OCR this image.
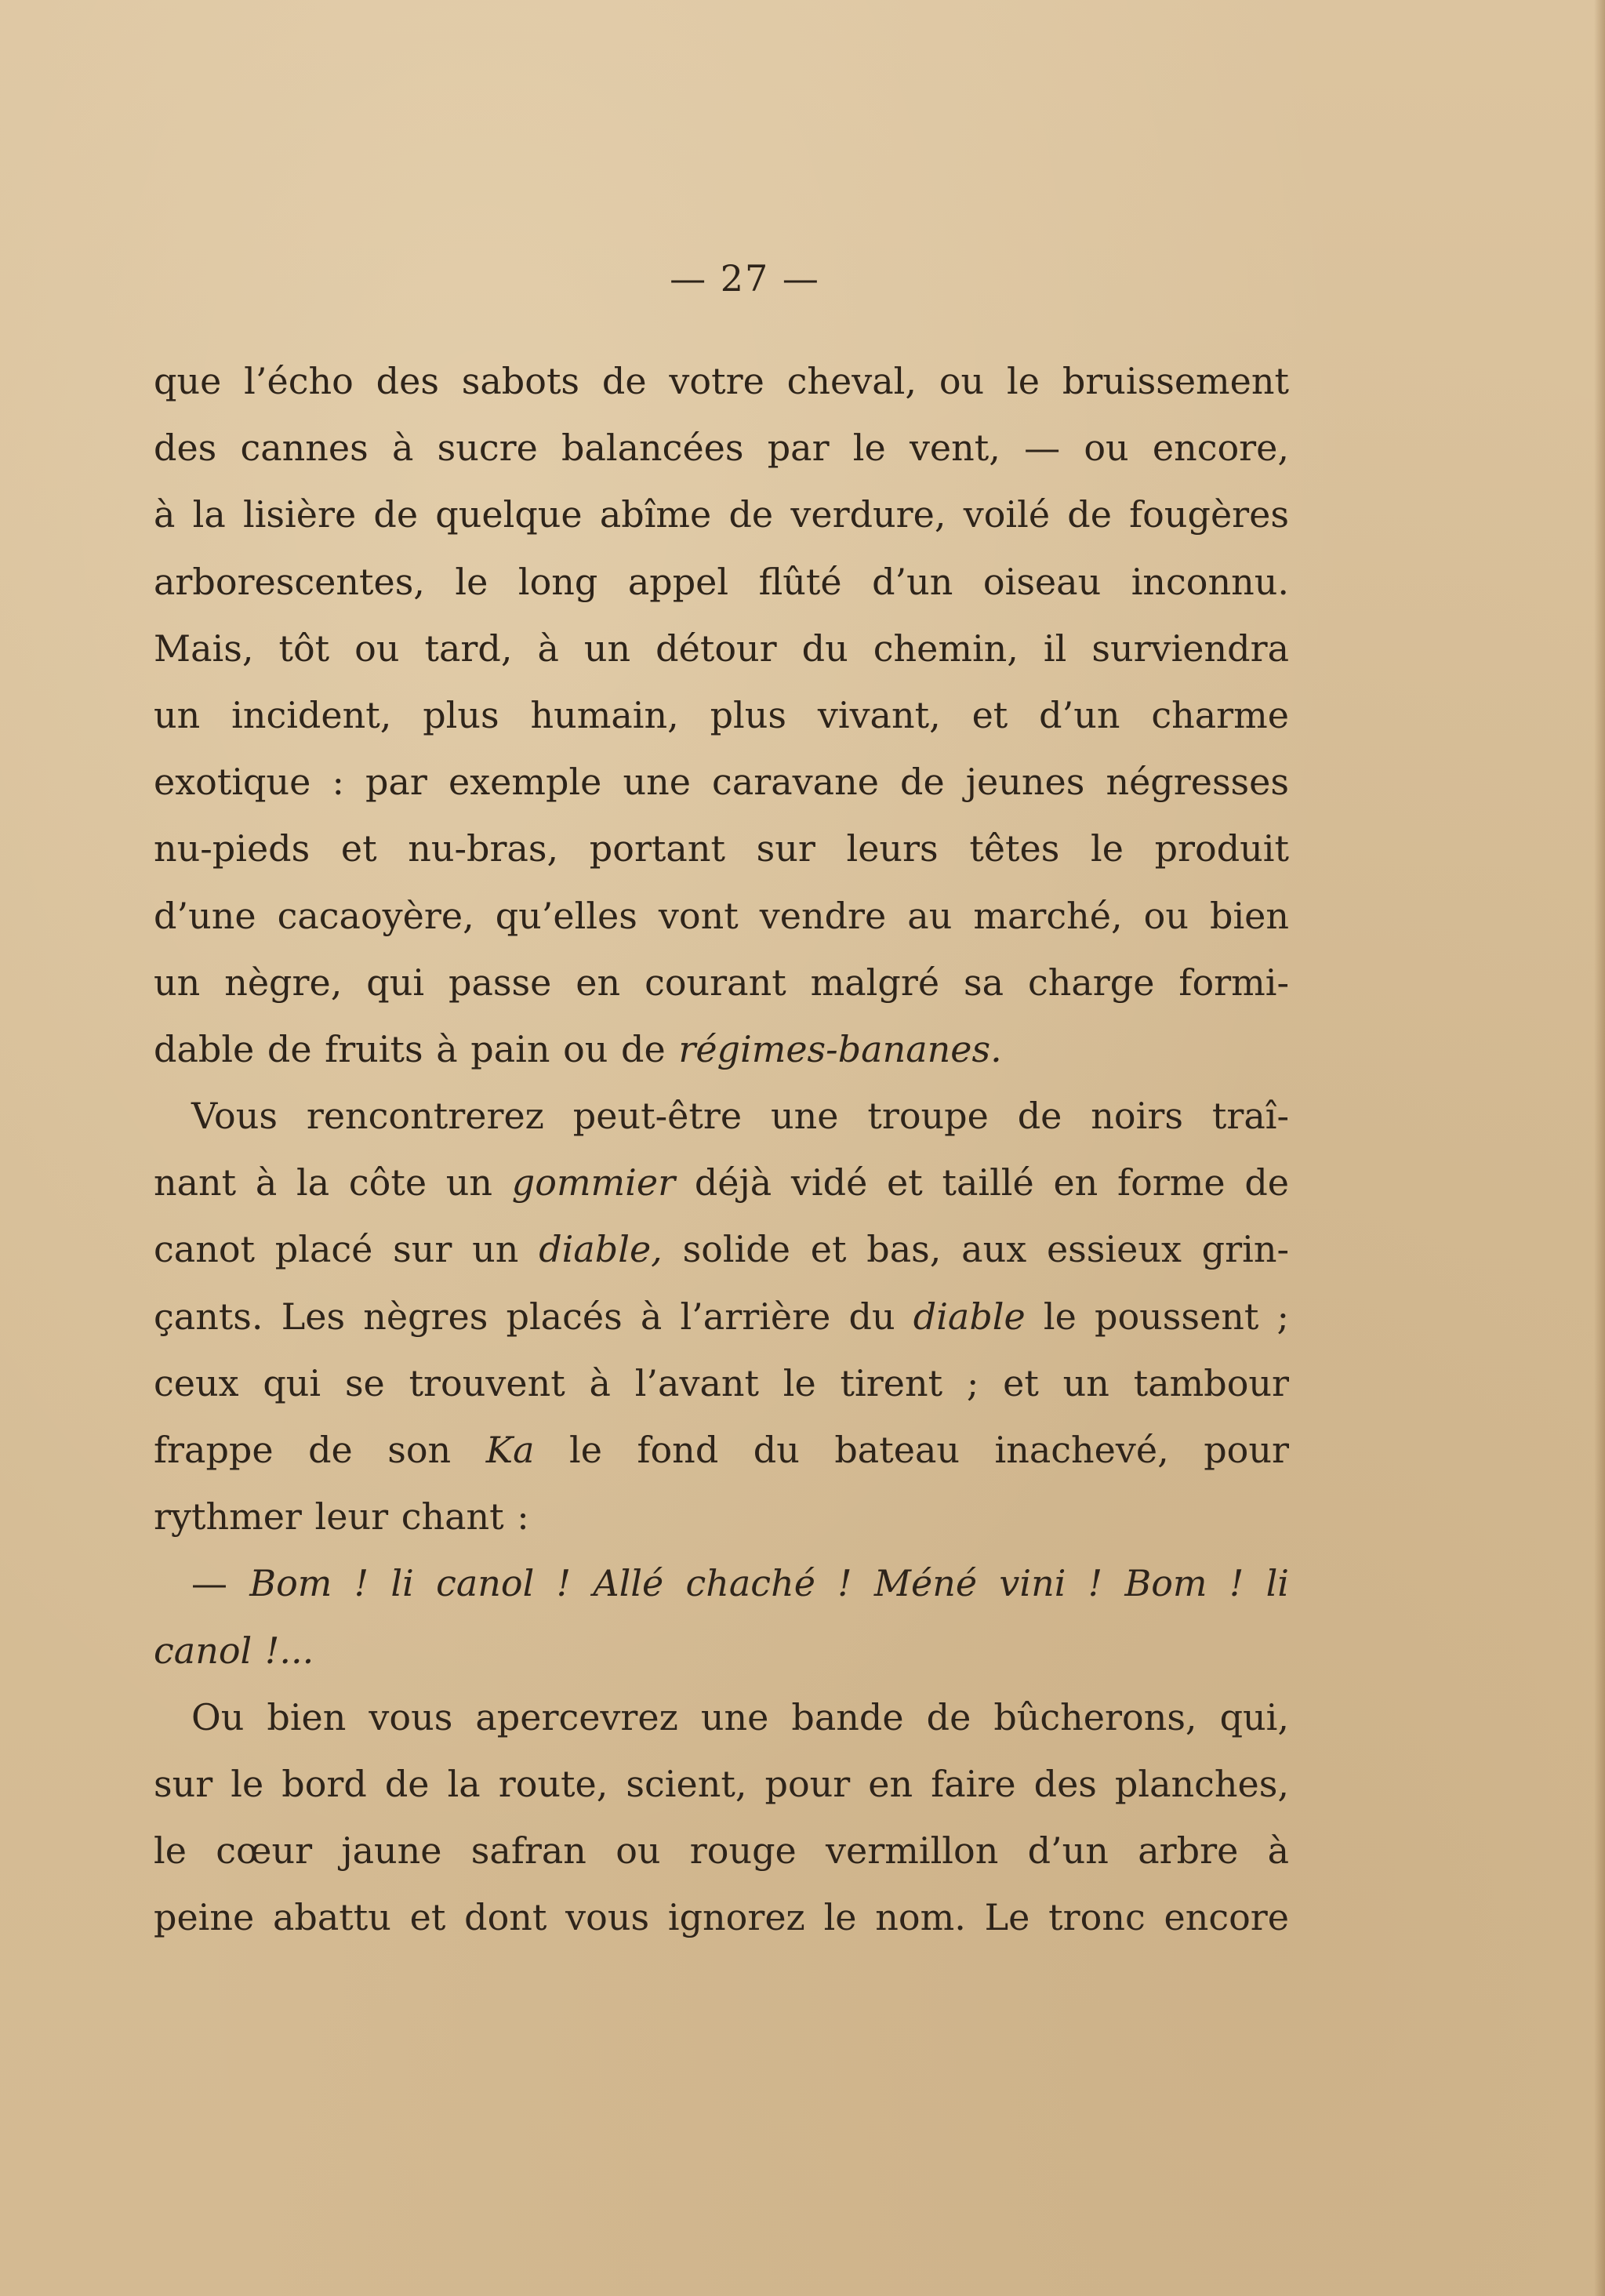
— 27 —
que l’écho des sabots de votre cheval, ou le bruissement
des cannes à sucre balancées par le vent, — ou encore,
à la lisière de quelque abîme de verdure, voilé de fougères
arborescentes, le long appel flûté d’un oiseau inconnu.
Mais, tôt ou tard, à un détour du chemin, il surviendra
un incident, plus humain, plus vivant, et d’un charme
exotique : par exemple une caravane de jeunes négresses
nu-pieds et nu-bras, portant sur leurs têtes le produit
d’une cacaoyère, qu’elles vont vendre au marché, ou bien
un nègre, qui passe en courant malgré sa charge formi-
dable de fruits à pain ou de régimes-bananes.
Vous rencontrerez peut-être une troupe de noirs traî-
nant à la côte un gommier déjà vidé et taillé en forme de
canot placé sur un diable, solide et bas, aux essieux grin-
çants. Les nègres placés à l’arrière du diable le poussent ;
ceux qui se trouvent à l’avant le tirent ; et un tambour
frappe de son Ka le fond du bateau inachevé, pour
rythmer leur chant :
— Bom ! li canol ! Allé chaché ! Méné vini ! Bom ! li
canol !...
Ou bien vous apercevrez une bande de bûcherons, qui,
sur le bord de la route, scient, pour en faire des planches,
le cœur jaune safran ou rouge vermillon d’un arbre à
peine abattu et dont vous ignorez le nom. Le tronc encore
